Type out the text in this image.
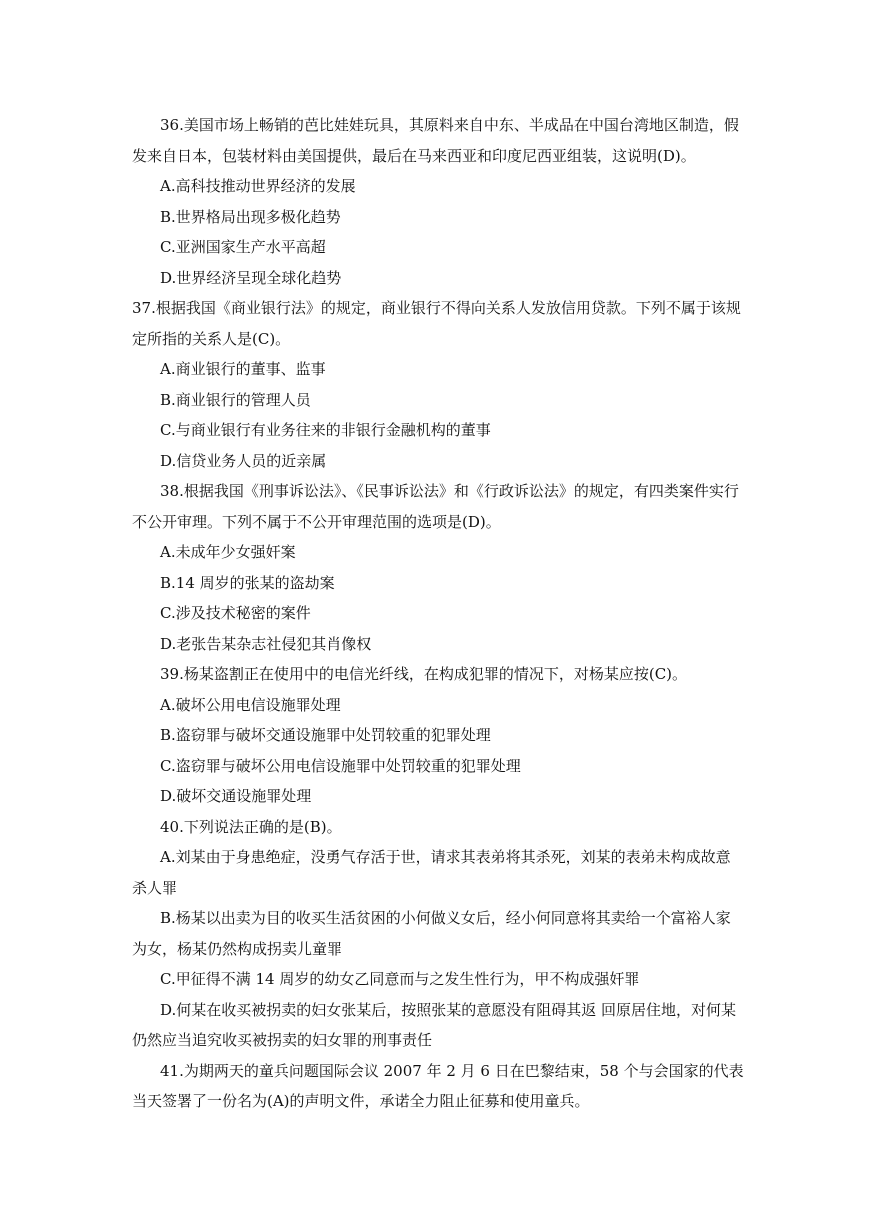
36.美国市场上畅销的芭比娃娃玩具，其原料来自中东、半成品在中国台湾地区制造，假发来自日本，包装材料由美国提供，最后在马来西亚和印度尼西亚组装，这说明(D)。

A.高科技推动世界经济的发展

B.世界格局出现多极化趋势

C.亚洲国家生产水平高超

D.世界经济呈现全球化趋势

37.根据我国《商业银行法》的规定，商业银行不得向关系人发放信用贷款。下列不属于该规定所指的关系人是(C)。

A.商业银行的董事、监事

B.商业银行的管理人员

C.与商业银行有业务往来的非银行金融机构的董事

D.信贷业务人员的近亲属

38.根据我国《刑事诉讼法》、《民事诉讼法》和《行政诉讼法》的规定，有四类案件实行不公开审理。下列不属于不公开审理范围的选项是(D)。

A.未成年少女强奸案

B.14 周岁的张某的盗劫案

C.涉及技术秘密的案件

D.老张告某杂志社侵犯其肖像权

39.杨某盗割正在使用中的电信光纤线，在构成犯罪的情况下，对杨某应按(C)。

A.破坏公用电信设施罪处理

B.盗窃罪与破坏交通设施罪中处罚较重的犯罪处理

C.盗窃罪与破坏公用电信设施罪中处罚较重的犯罪处理

D.破坏交通设施罪处理

40.下列说法正确的是(B)。

A.刘某由于身患绝症，没勇气存活于世，请求其表弟将其杀死，刘某的表弟未构成故意杀人罪

B.杨某以出卖为目的收买生活贫困的小何做义女后，经小何同意将其卖给一个富裕人家为女，杨某仍然构成拐卖儿童罪

C.甲征得不满 14 周岁的幼女乙同意而与之发生性行为，甲不构成强奸罪

D.何某在收买被拐卖的妇女张某后，按照张某的意愿没有阻碍其返 回原居住地，对何某仍然应当追究收买被拐卖的妇女罪的刑事责任

41.为期两天的童兵问题国际会议 2007 年 2 月 6 日在巴黎结束，58 个与会国家的代表当天签署了一份名为(A)的声明文件，承诺全力阻止征募和使用童兵。
